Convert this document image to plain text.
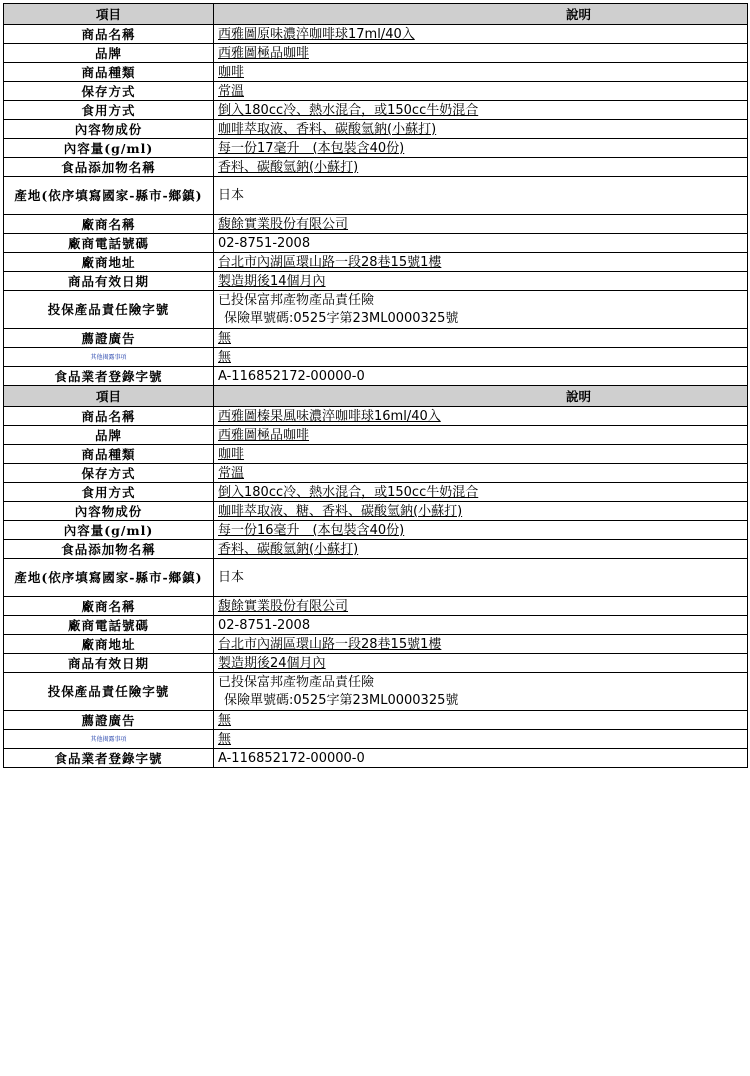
項目	說明
商品名稱	西雅圖原味濃淬咖啡球17ml/40入
品牌	西雅圖極品咖啡
商品種類	咖啡
保存方式	常溫
食用方式	倒入180cc冷、熱水混合，或150cc牛奶混合
內容物成份	咖啡萃取液、香料、碳酸氫鈉(小蘇打)
內容量(g/ml)	每一份17毫升　(本包裝含40份)
食品添加物名稱	香料、碳酸氫鈉(小蘇打)
產地(依序填寫國家-縣市-鄉鎮)	日本
廠商名稱	馥餘實業股份有限公司
廠商電話號碼	02-8751-2008
廠商地址	台北市內湖區環山路一段28巷15號1樓
商品有效日期	製造期後14個月內
投保產品責任險字號	已投保富邦產物產品責任險
保險單號碼:0525字第23ML0000325號

薦證廣告	無
其他揭露事項	無
食品業者登錄字號	A-116852172-00000-0
項目	說明
商品名稱	西雅圖榛果風味濃淬咖啡球16ml/40入
品牌	西雅圖極品咖啡
商品種類	咖啡
保存方式	常溫
食用方式	倒入180cc冷、熱水混合，或150cc牛奶混合
內容物成份	咖啡萃取液、糖、香料、碳酸氫鈉(小蘇打)
內容量(g/ml)	每一份16毫升　(本包裝含40份)
食品添加物名稱	香料、碳酸氫鈉(小蘇打)
產地(依序填寫國家-縣市-鄉鎮)	日本
廠商名稱	馥餘實業股份有限公司
廠商電話號碼	02-8751-2008
廠商地址	台北市內湖區環山路一段28巷15號1樓
商品有效日期	製造期後24個月內
投保產品責任險字號	已投保富邦產物產品責任險
保險單號碼:0525字第23ML0000325號

薦證廣告	無
其他揭露事項	無
食品業者登錄字號	A-116852172-00000-0
